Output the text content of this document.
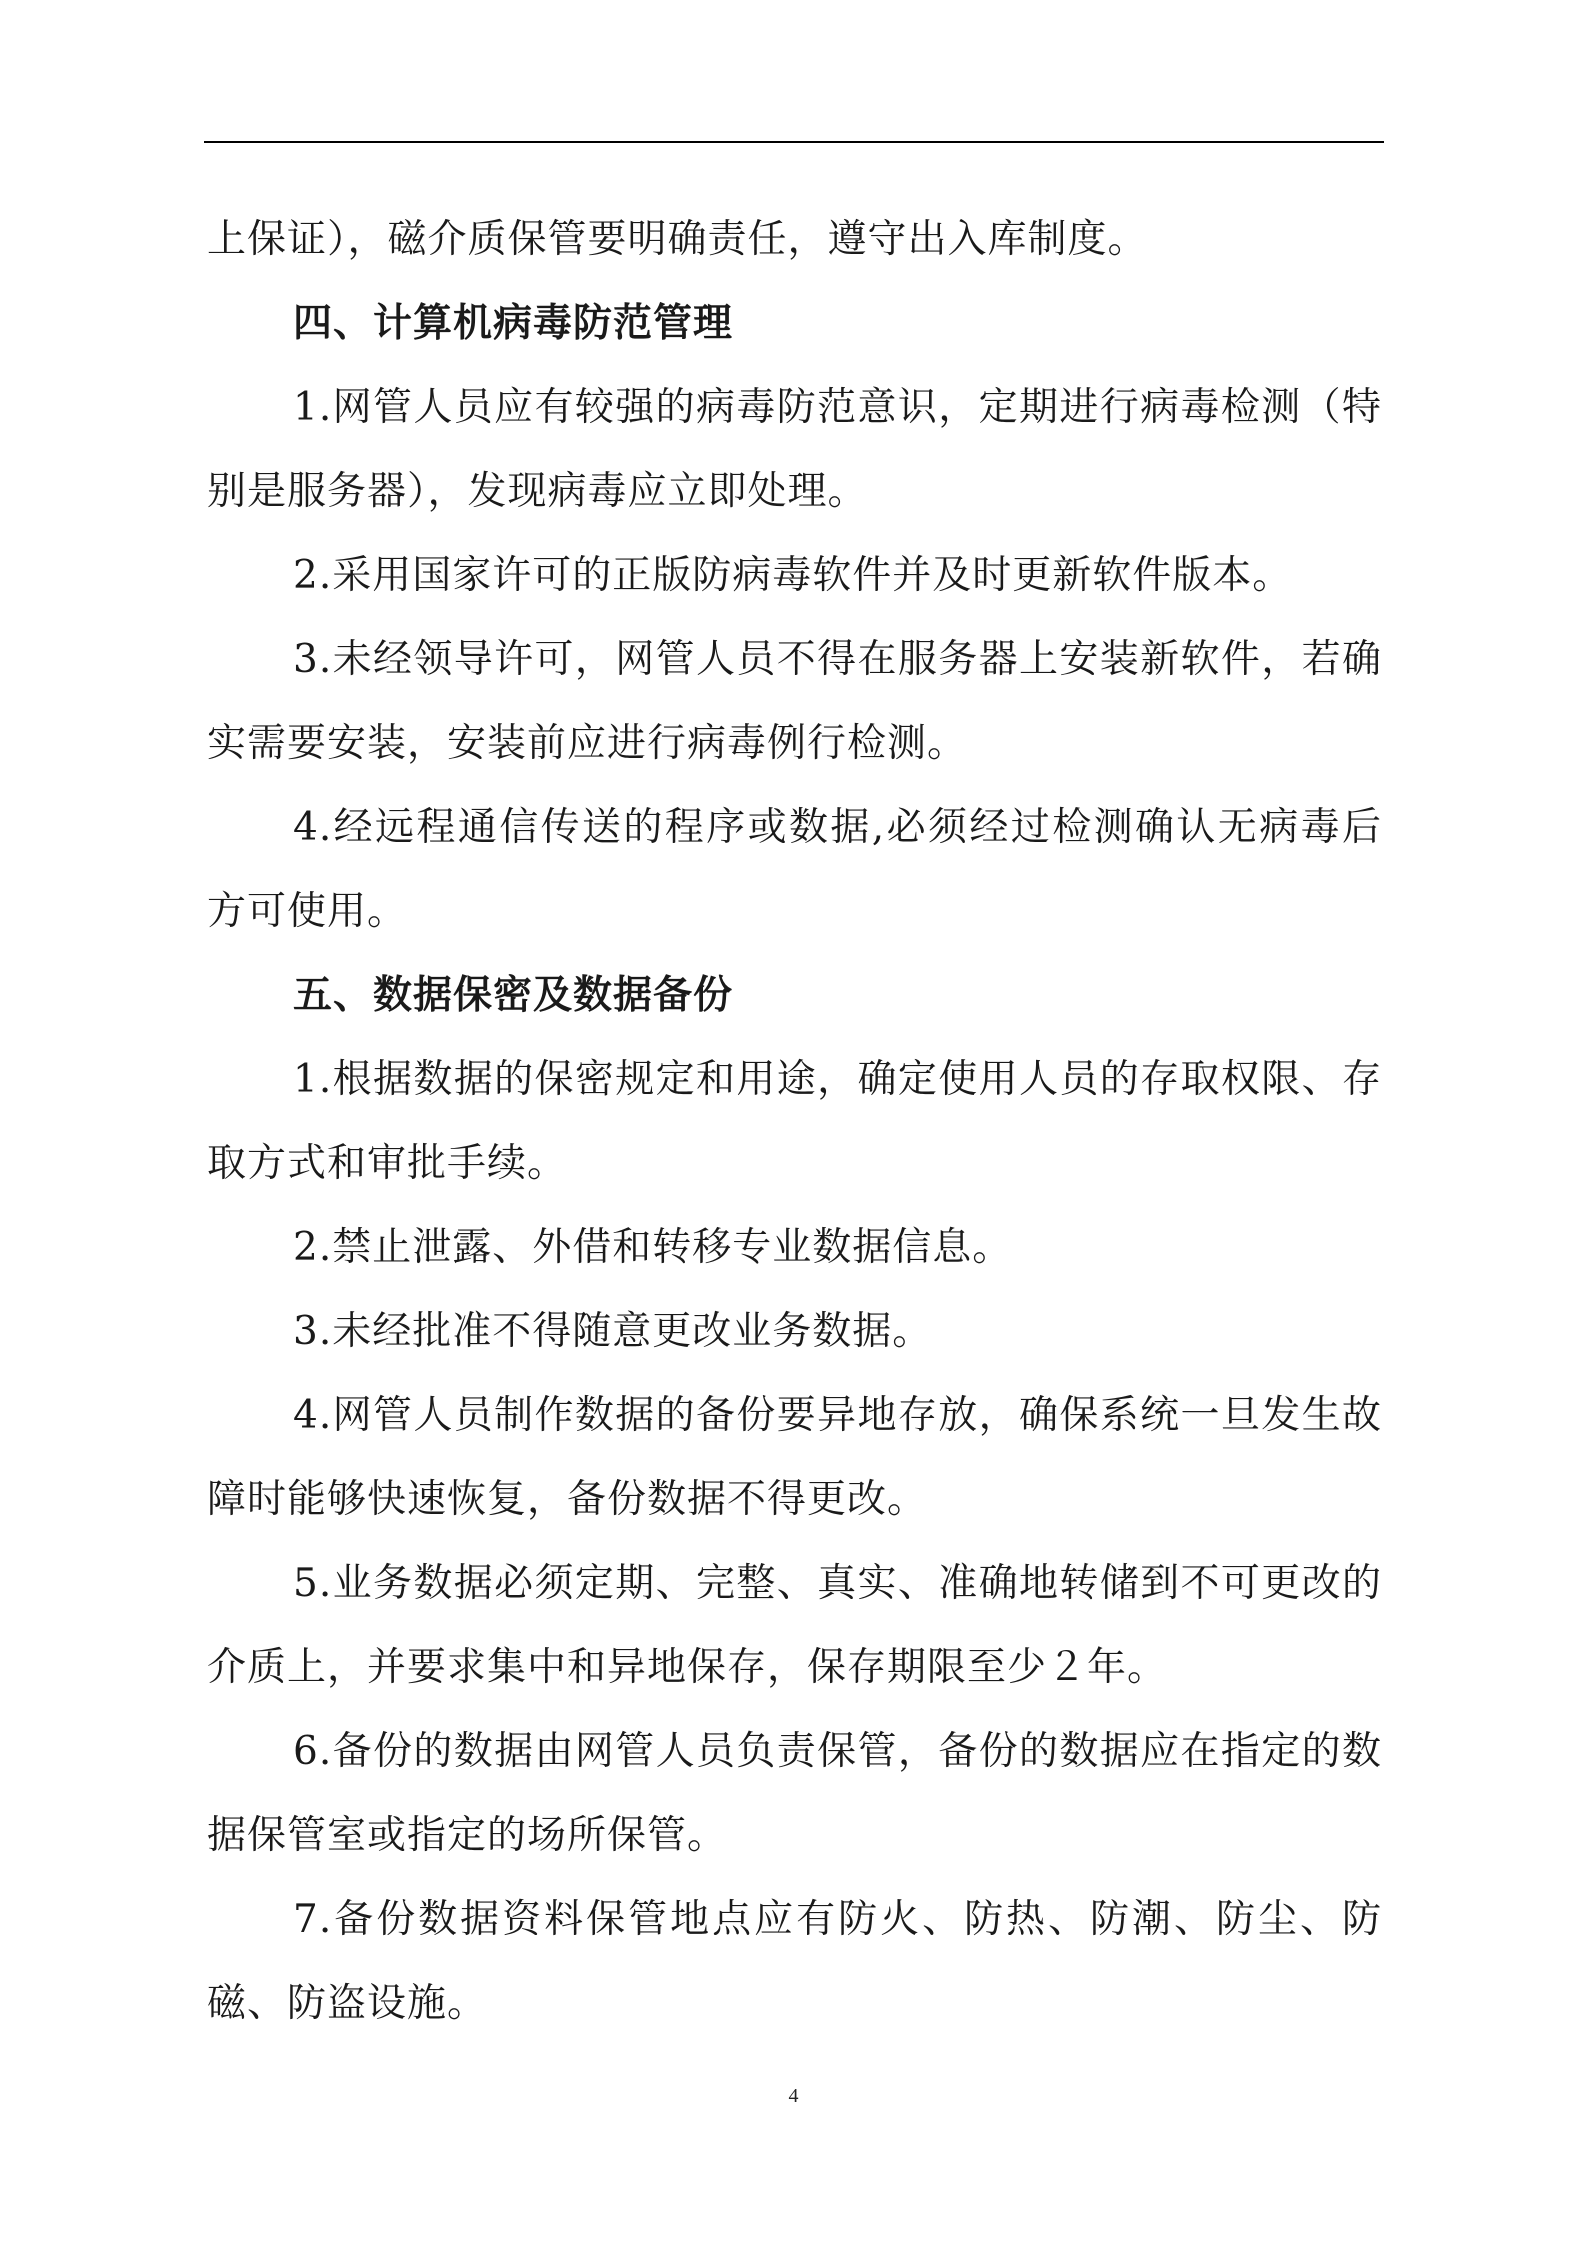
上保证），磁介质保管要明确责任，遵守出入库制度。

四、计算机病毒防范管理

1.网管人员应有较强的病毒防范意识，定期进行病毒检测（特别是服务器），发现病毒应立即处理。

2.采用国家许可的正版防病毒软件并及时更新软件版本。

3.未经领导许可，网管人员不得在服务器上安装新软件，若确实需要安装，安装前应进行病毒例行检测。

4.经远程通信传送的程序或数据,必须经过检测确认无病毒后方可使用。

五、数据保密及数据备份

1.根据数据的保密规定和用途，确定使用人员的存取权限、存取方式和审批手续。

2.禁止泄露、外借和转移专业数据信息。

3.未经批准不得随意更改业务数据。

4.网管人员制作数据的备份要异地存放，确保系统一旦发生故障时能够快速恢复，备份数据不得更改。

5.业务数据必须定期、完整、真实、准确地转储到不可更改的介质上，并要求集中和异地保存，保存期限至少２年。

6.备份的数据由网管人员负责保管，备份的数据应在指定的数据保管室或指定的场所保管。

7.备份数据资料保管地点应有防火、防热、防潮、防尘、防磁、防盗设施。

4
